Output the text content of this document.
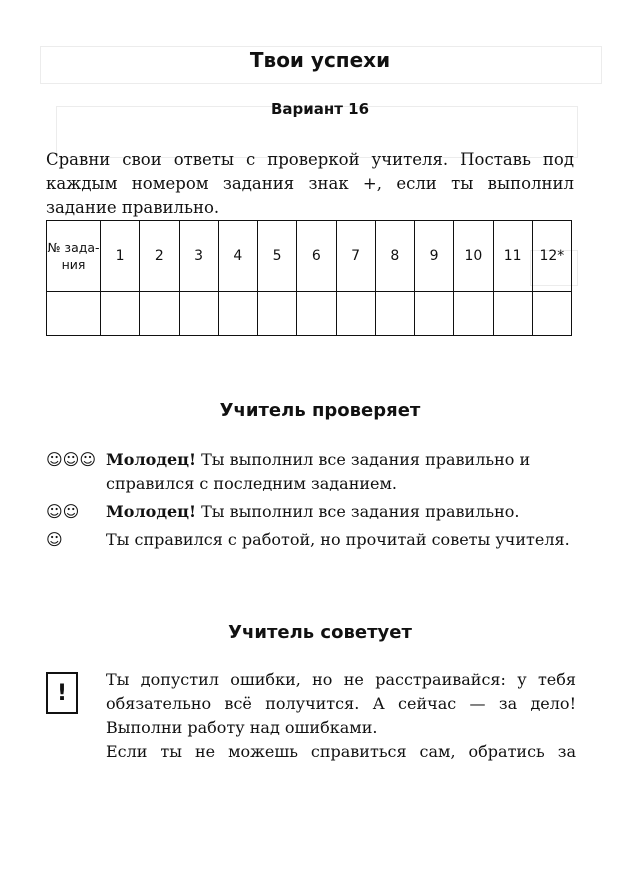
Твои успехи
Вариант 16
Сравни свои ответы с проверкой учителя. Поставь под каждым номером задания знак +, если ты выполнил задание правильно.
№ зада-ния	1	2	3	4	5	6	7	8	9	10	11	12*

Учитель проверяет
☺☺☺ Молодец! Ты выполнил все задания правильно и справился с последним заданием.
☺☺	Молодец! Ты выполнил все задания правильно.
☺	Ты справился с работой, но прочитай советы учителя.
Учитель советует
!
Ты допустил ошибки, но не расстраивайся: у тебя
обязательно всё получится. А сейчас — за дело!
Выполни работу над ошибками.
Если ты не можешь справиться сам, обратись за
